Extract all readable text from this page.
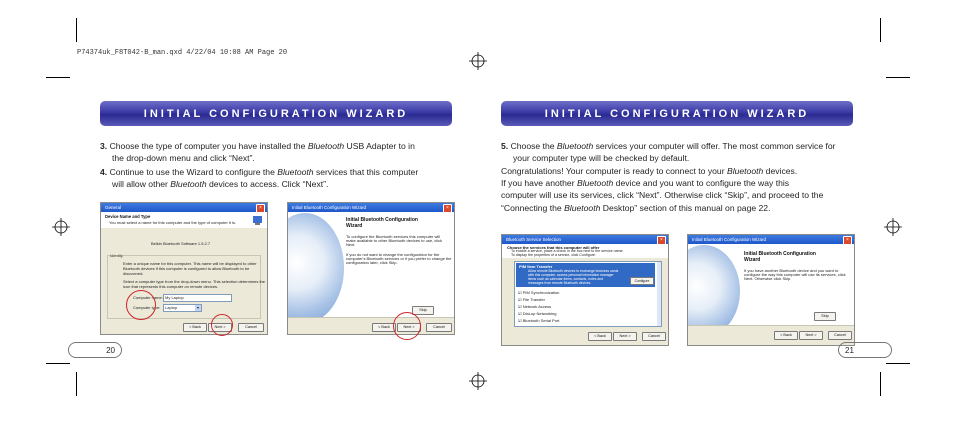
P74374uk_F8T042-B_man.qxd 4/22/04 10:08 AM Page 20
INITIAL CONFIGURATION WIZARD
3. Choose the type of computer you have installed the Bluetooth USB Adapter to in
the drop-down menu and click “Next”.
4. Continue to use the Wizard to configure the Bluetooth services that this computer
will allow other Bluetooth devices to access. Click “Next”.
General	×
Device Name and Type
You must select a name for this computer and the type of computer it is.
Belkin Bluetooth Software 1.5.2.7
Identity
Enter a unique name for this computer. This name will be displayed to other
Bluetooth devices if this computer is configured to allow Bluetooth to be discovered.
Select a computer type from the drop-down menu. This selection determines the
icon that represents this computer on remote devices.
Computer name: My Laptop
Computer type:	Laptop	▾
< Back	Next >	Cancel
Initial Bluetooth Configuration Wizard	×
Initial Bluetooth Configuration
Wizard
To configure the Bluetooth services this computer will
make available to other Bluetooth devices to use, click
Next.
If you do not want to change the configuration for the
computer's Bluetooth services or if you prefer to change the
configuration later, click Skip.
Skip
< Back	Next >	Cancel
20
INITIAL CONFIGURATION WIZARD
5. Choose the Bluetooth services your computer will offer. The most common service for
your computer type will be checked by default.
Congratulations! Your computer is ready to connect to your Bluetooth devices.
If you have another Bluetooth device and you want to configure the way this
computer will use its services, click “Next”. Otherwise click “Skip”, and proceed to the
“Connecting the Bluetooth Desktop” section of this manual on page 22.
Bluetooth Service Selection	×
Choose the services that this computer will offer
To enable a service, place a check in the box next to the service name.
To display the properties of a service, click Configure.
PIM Item Transfer
Allow remote Bluetooth devices to exchange business cards
with this computer, access personal information manager
items such as calendar items, contacts, notes and
messages from remote Bluetooth devices.	Configure
☑ PIM Synchronization
☑ File Transfer
☑ Network Access
☑ Dial-up Networking
☑ Bluetooth Serial Port
< Back	Next >	Cancel
Initial Bluetooth Configuration Wizard	×
Initial Bluetooth Configuration
Wizard
If you have another Bluetooth device and you want to
configure the way this computer will use its services, click
Next. Otherwise click Skip.
Skip
< Back	Next >	Cancel
21
